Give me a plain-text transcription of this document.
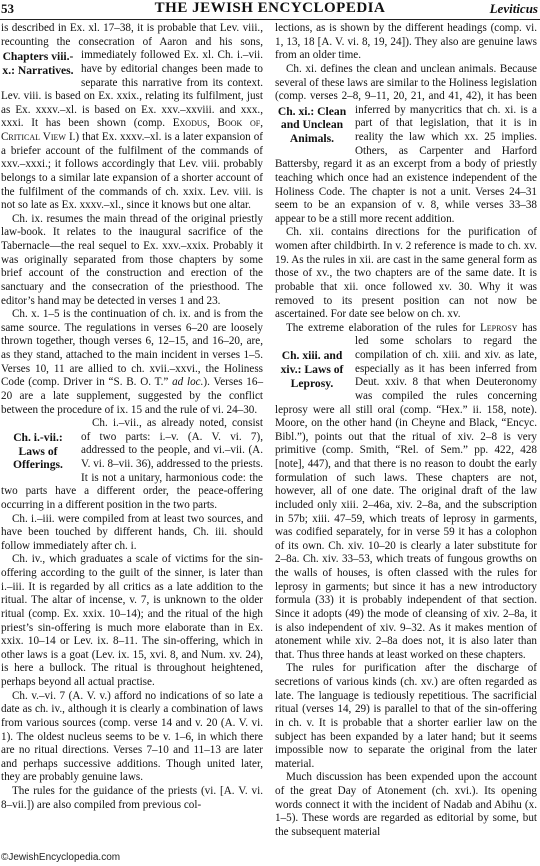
53	THE JEWISH ENCYCLOPEDIA	Leviticus

is described in Ex. xl. 17–38, it is probable that Lev. viii., recounting the consecration of Aaron and his sons, immediately followed Ex. xl.
Chapters viii.-x.: Narratives.
Ch. i.–vii. have by editorial changes been made to separate this narrative from its context. Lev. viii. is based on Ex. xxix., relating its fulfilment, just as Ex. xxxv.–xl. is based on Ex. xxv.–xxviii. and xxx., xxxi. It has been shown (comp. Exodus, Book of, Critical View I.) that Ex. xxxv.–xl. is a later expansion of a briefer account of the fulfilment of the commands of xxv.–xxxi.; it follows accordingly that Lev. viii. probably belongs to a similar late expansion of a shorter account of the fulfilment of the commands of ch. xxix. Lev. viii. is not so late as Ex. xxxv.–xl., since it knows but one altar.

Ch. ix. resumes the main thread of the original priestly law-book. It relates to the inaugural sacrifice of the Tabernacle—the real sequel to Ex. xxv.–xxix. Probably it was originally separated from those chapters by some brief account of the construction and erection of the sanctuary and the consecration of the priesthood. The editor’s hand may be detected in verses 1 and 23.

Ch. x. 1–5 is the continuation of ch. ix. and is from the same source. The regulations in verses 6–20 are loosely thrown together, though verses 6, 12–15, and 16–20, are, as they stand, attached to the main incident in verses 1–5. Verses 10, 11 are allied to ch. xvii.–xxvi., the Holiness Code (comp. Driver in “S. B. O. T.” ad loc.). Verses 16–20 are a late supplement, suggested by the conflict between the procedure of ix. 15 and the rule of vi. 24–30.

Ch. i.-vii.: Laws of Offerings.
Ch. i.–vii., as already noted, consist of two parts: i.–v. (A. V. vi. 7), addressed to the people, and vi.–vii. (A. V. vi. 8–vii. 36), addressed to the priests. It is not a unitary, harmonious code: the two parts have a different order, the peace-offering occurring in a different position in the two parts.

Ch. i.–iii. were compiled from at least two sources, and have been touched by different hands, Ch. iii. should follow immediately after ch. i.

Ch. iv., which graduates a scale of victims for the sin-offering according to the guilt of the sinner, is later than i.–iii. It is regarded by all critics as a late addition to the ritual. The altar of incense, v. 7, is unknown to the older ritual (comp. Ex. xxix. 10–14); and the ritual of the high priest’s sin-offering is much more elaborate than in Ex. xxix. 10–14 or Lev. ix. 8–11. The sin-offering, which in other laws is a goat (Lev. ix. 15, xvi. 8, and Num. xv. 24), is here a bullock. The ritual is throughout heightened, perhaps beyond all actual practise.

Ch. v.–vi. 7 (A. V. v.) afford no indications of so late a date as ch. iv., although it is clearly a combination of laws from various sources (comp. verse 14 and v. 20 (A. V. vi. 1). The oldest nucleus seems to be v. 1–6, in which there are no ritual directions. Verses 7–10 and 11–13 are later and perhaps successive additions. Though united later, they are probably genuine laws.

The rules for the guidance of the priests (vi. [A. V. vi. 8–vii.]) are also compiled from previous col-

lections, as is shown by the different headings (comp. vi. 1, 13, 18 [A. V. vi. 8, 19, 24]). They also are genuine laws from an older time.

Ch. xi. defines the clean and unclean animals. Because several of these laws are similar to the Holiness legislation (comp. verses 2–8, 9–11, 20, 21, and 41, 42), it has been inferred by many
Ch. xi.: Clean and Unclean Animals.
critics that ch. xi. is a part of that legislation, that it is in reality the law which xx. 25 implies. Others, as Carpenter and Harford Battersby, regard it as an excerpt from a body of priestly teaching which once had an existence independent of the Holiness Code. The chapter is not a unit. Verses 24–31 seem to be an expansion of v. 8, while verses 33–38 appear to be a still more recent addition.

Ch. xii. contains directions for the purification of women after childbirth. In v. 2 reference is made to ch. xv. 19. As the rules in xii. are cast in the same general form as those of xv., the two chapters are of the same date. It is probable that xii. once followed xv. 30. Why it was removed to its present position can not now be ascertained. For date see below on ch. xv.

The extreme elaboration of the rules for Leprosy
Ch. xiii. and xiv.: Laws of Leprosy.
has led some scholars to regard the compilation of ch. xiii. and xiv. as late, especially as it has been inferred from Deut. xxiv. 8 that when Deuteronomy was compiled the rules concerning leprosy were all still oral (comp. “Hex.” ii. 158, note). Moore, on the other hand (in Cheyne and Black, “Encyc. Bibl.”), points out that the ritual of xiv. 2–8 is very primitive (comp. Smith, “Rel. of Sem.” pp. 422, 428 [note], 447), and that there is no reason to doubt the early formulation of such laws. These chapters are not, however, all of one date. The original draft of the law included only xiii. 2–46a, xiv. 2–8a, and the subscription in 57b; xiii. 47–59, which treats of leprosy in garments, was codified separately, for in verse 59 it has a colophon of its own. Ch. xiv. 10–20 is clearly a later substitute for 2–8a. Ch. xiv. 33–53, which treats of fungous growths on the walls of houses, is often classed with the rules for leprosy in garments; but since it has a new introductory formula (33) it is probably independent of that section. Since it adopts (49) the mode of cleansing of xiv. 2–8a, it is also independent of xiv. 9–32. As it makes mention of atonement while xiv. 2–8a does not, it is also later than that. Thus three hands at least worked on these chapters.

The rules for purification after the discharge of secretions of various kinds (ch. xv.) are often regarded as late. The language is tediously repetitious. The sacrificial ritual (verses 14, 29) is parallel to that of the sin-offering in ch. v. It is probable that a shorter earlier law on the subject has been expanded by a later hand; but it seems impossible now to separate the original from the later material.

Much discussion has been expended upon the account of the great Day of Atonement (ch. xvi.). Its opening words connect it with the incident of Nadab and Abihu (x. 1–5). These words are regarded as editorial by some, but the subsequent material

©JewishEncyclopedia.com
